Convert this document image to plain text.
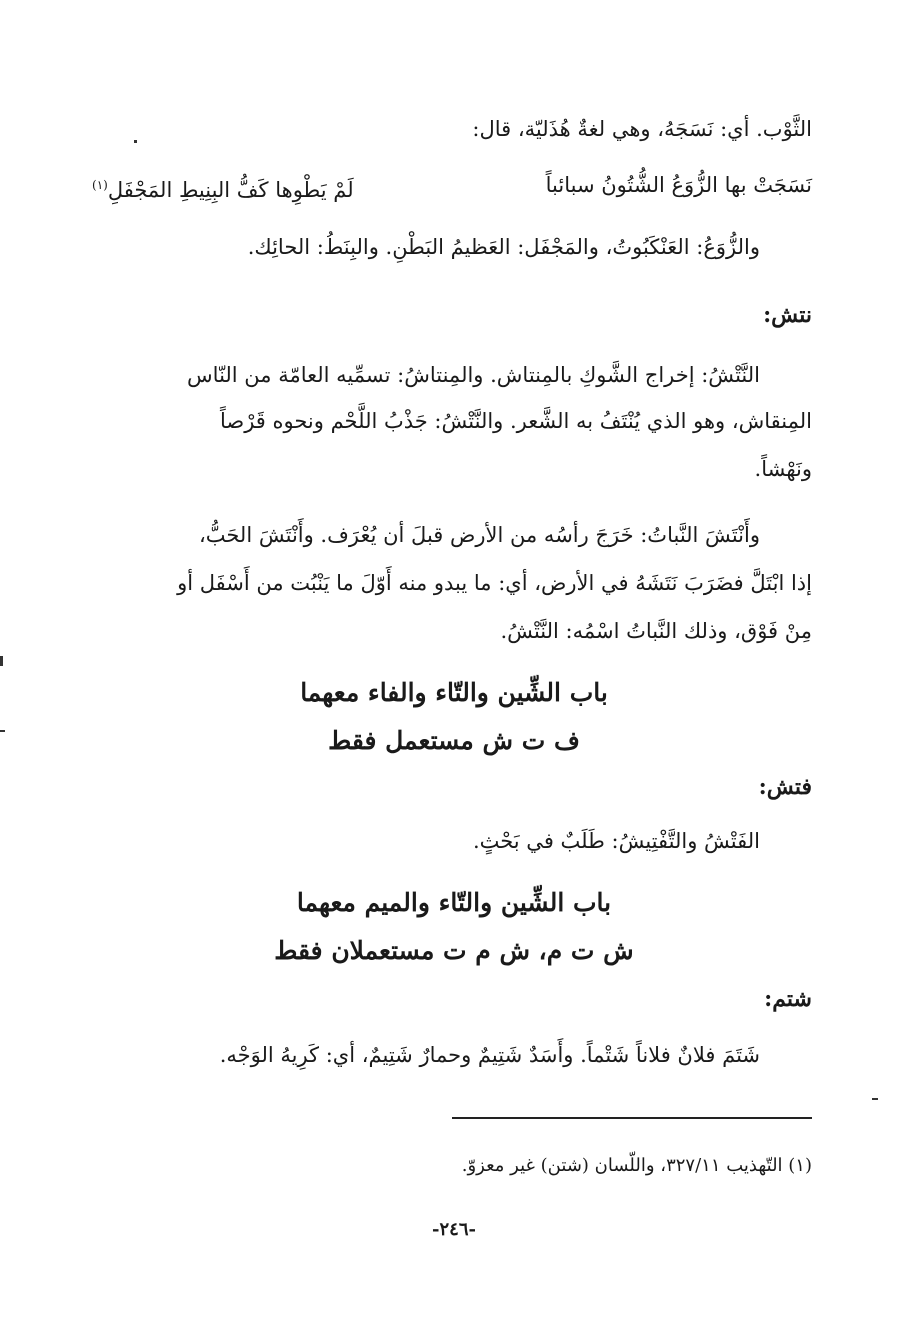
الثَّوْب. أي: نَسَجَهُ، وهي لغةٌ هُذَليّة، قال:
نَسَجَتْ بها الزُّوَعُ الشُّتُونُ سبائباً
لَمْ يَطْوِها كَفُّ البِنِيطِ المَجْفَلِ$^{(١)}$
والزُّوَعُ: العَنْكَبُوتُ، والمَجْفَل: العَظيمُ البَطْنِ. والبِنَطُ: الحائِك.
نتش:
النَّتْشُ: إخراج الشَّوكِ بالمِنتاش. والمِنتاشُ: تسمِّيه العامّة من النّاس
المِنقاش، وهو الذي يُنْتَفُ به الشَّعر. والنَّتْشُ: جَذْبُ اللَّحْم ونحوه قَرْصاً
ونَهْشاً.
وأَنْتَشَ النَّباتُ: خَرَجَ رأسُه من الأرض قبلَ أن يُعْرَف. وأَنْتَشَ الحَبُّ،
إذا ابْتَلَّ فضَرَبَ نَتَشَهُ في الأرض، أي: ما يبدو منه أَوّلَ ما يَنْبُت من أَسْفَل أو
مِنْ فَوْق، وذلك النَّباتُ اسْمُه: النَّتْشُ.
باب الشِّين والتّاء والفاء معهما
ف ت ش مستعمل فقط
فتش:
الفَتْشُ والتَّفْتِيشُ: طَلَبٌ في بَحْثٍ.
باب الشِّين والتّاء والميم معهما
ش ت م، ش م ت مستعملان فقط
شتم:
شَتَمَ فلانٌ فلاناً شَتْماً. وأَسَدٌ شَتِيمٌ وحمارٌ شَتِيمٌ، أي: كَرِيهُ الوَجْه.
(١) التّهذيب ٣٢٧/١١، واللّسان (شتن) غير معزوّ.
-٢٤٦-
